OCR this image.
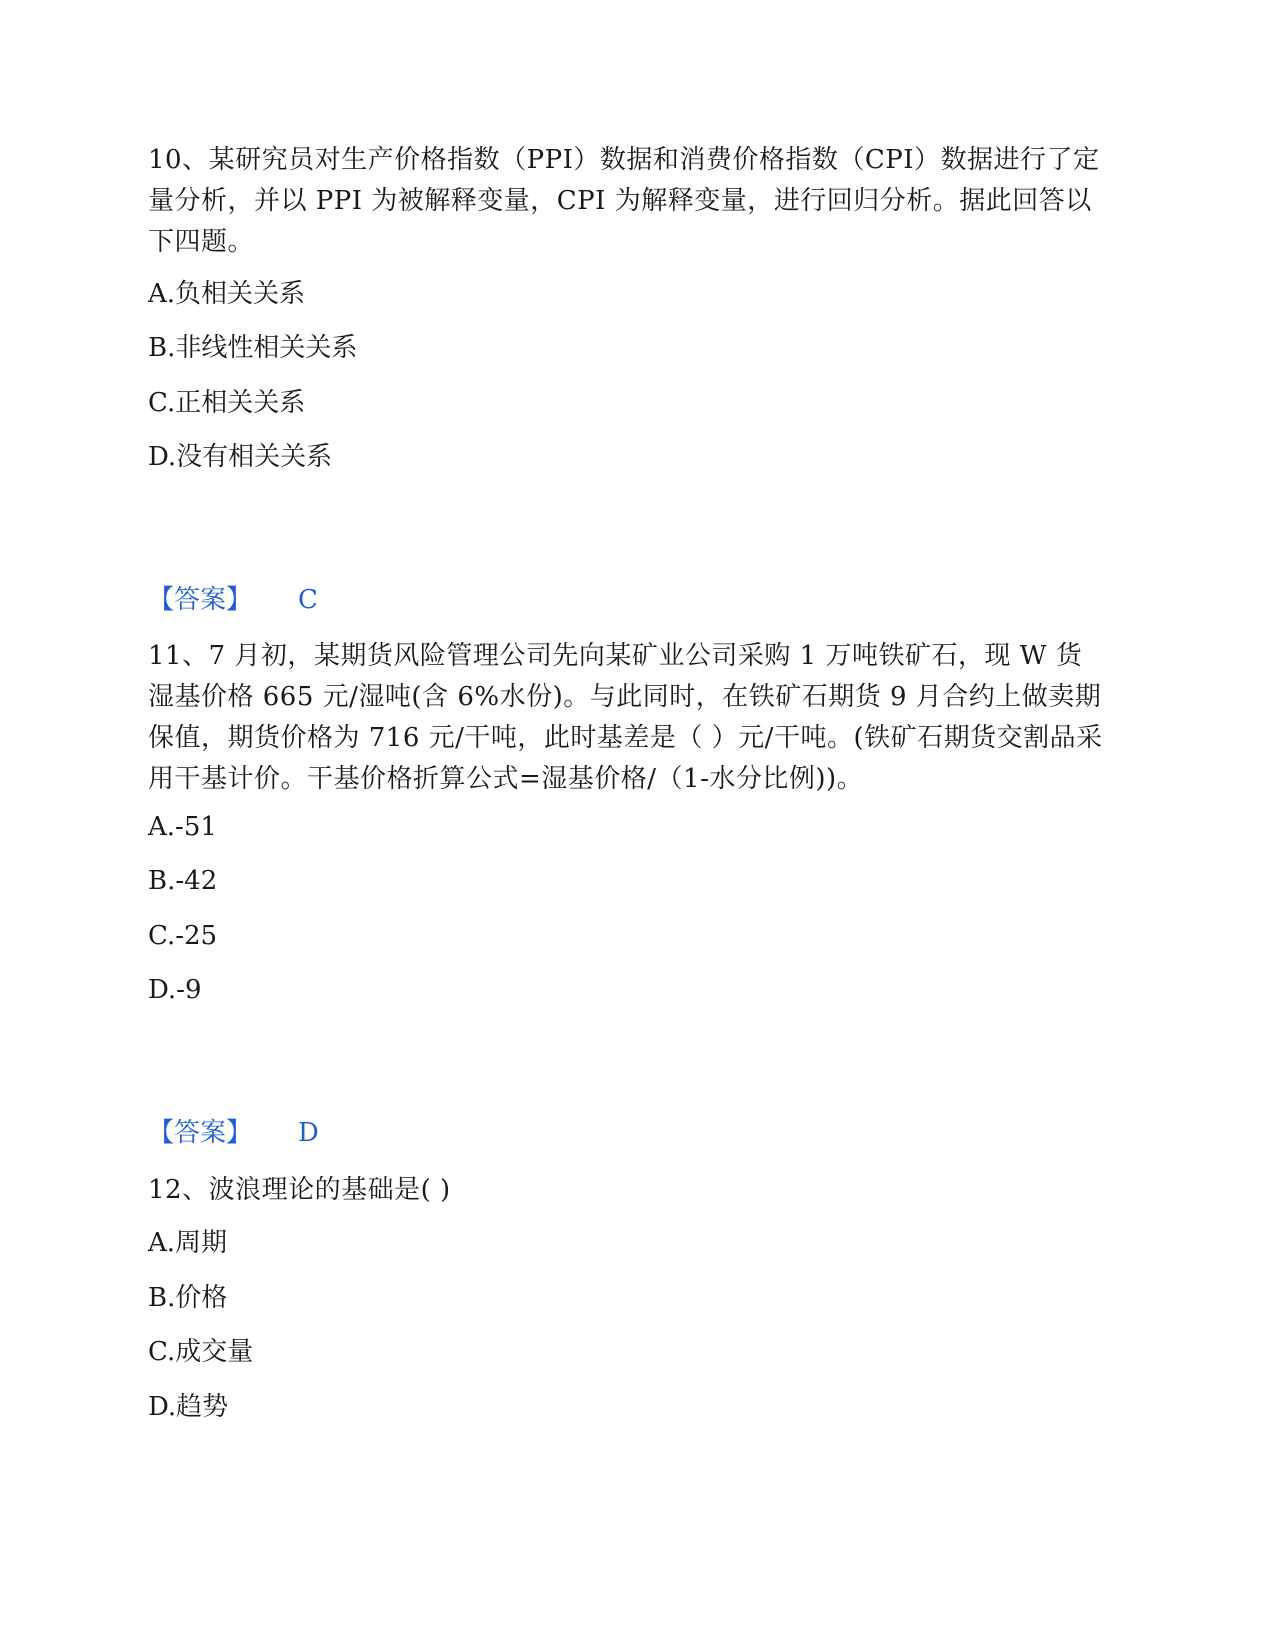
10、某研究员对生产价格指数（PPI）数据和消费价格指数（CPI）数据进行了定量分析，并以 PPI 为被解释变量，CPI 为解释变量，进行回归分析。据此回答以下四题。

A.负相关关系
B.非线性相关关系
C.正相关关系
D.没有相关关系
【答案】 C

11、7 月初，某期货风险管理公司先向某矿业公司采购 1 万吨铁矿石，现 W 货湿基价格 665 元/湿吨(含 6%水份)。与此同时，在铁矿石期货 9 月合约上做卖期保值，期货价格为 716 元/干吨，此时基差是（ ）元/干吨。(铁矿石期货交割品采用干基计价。干基价格折算公式=湿基价格/（1-水分比例))。

A.-51
B.-42
C.-25
D.-9
【答案】 D

12、波浪理论的基础是( )

A.周期
B.价格
C.成交量
D.趋势
